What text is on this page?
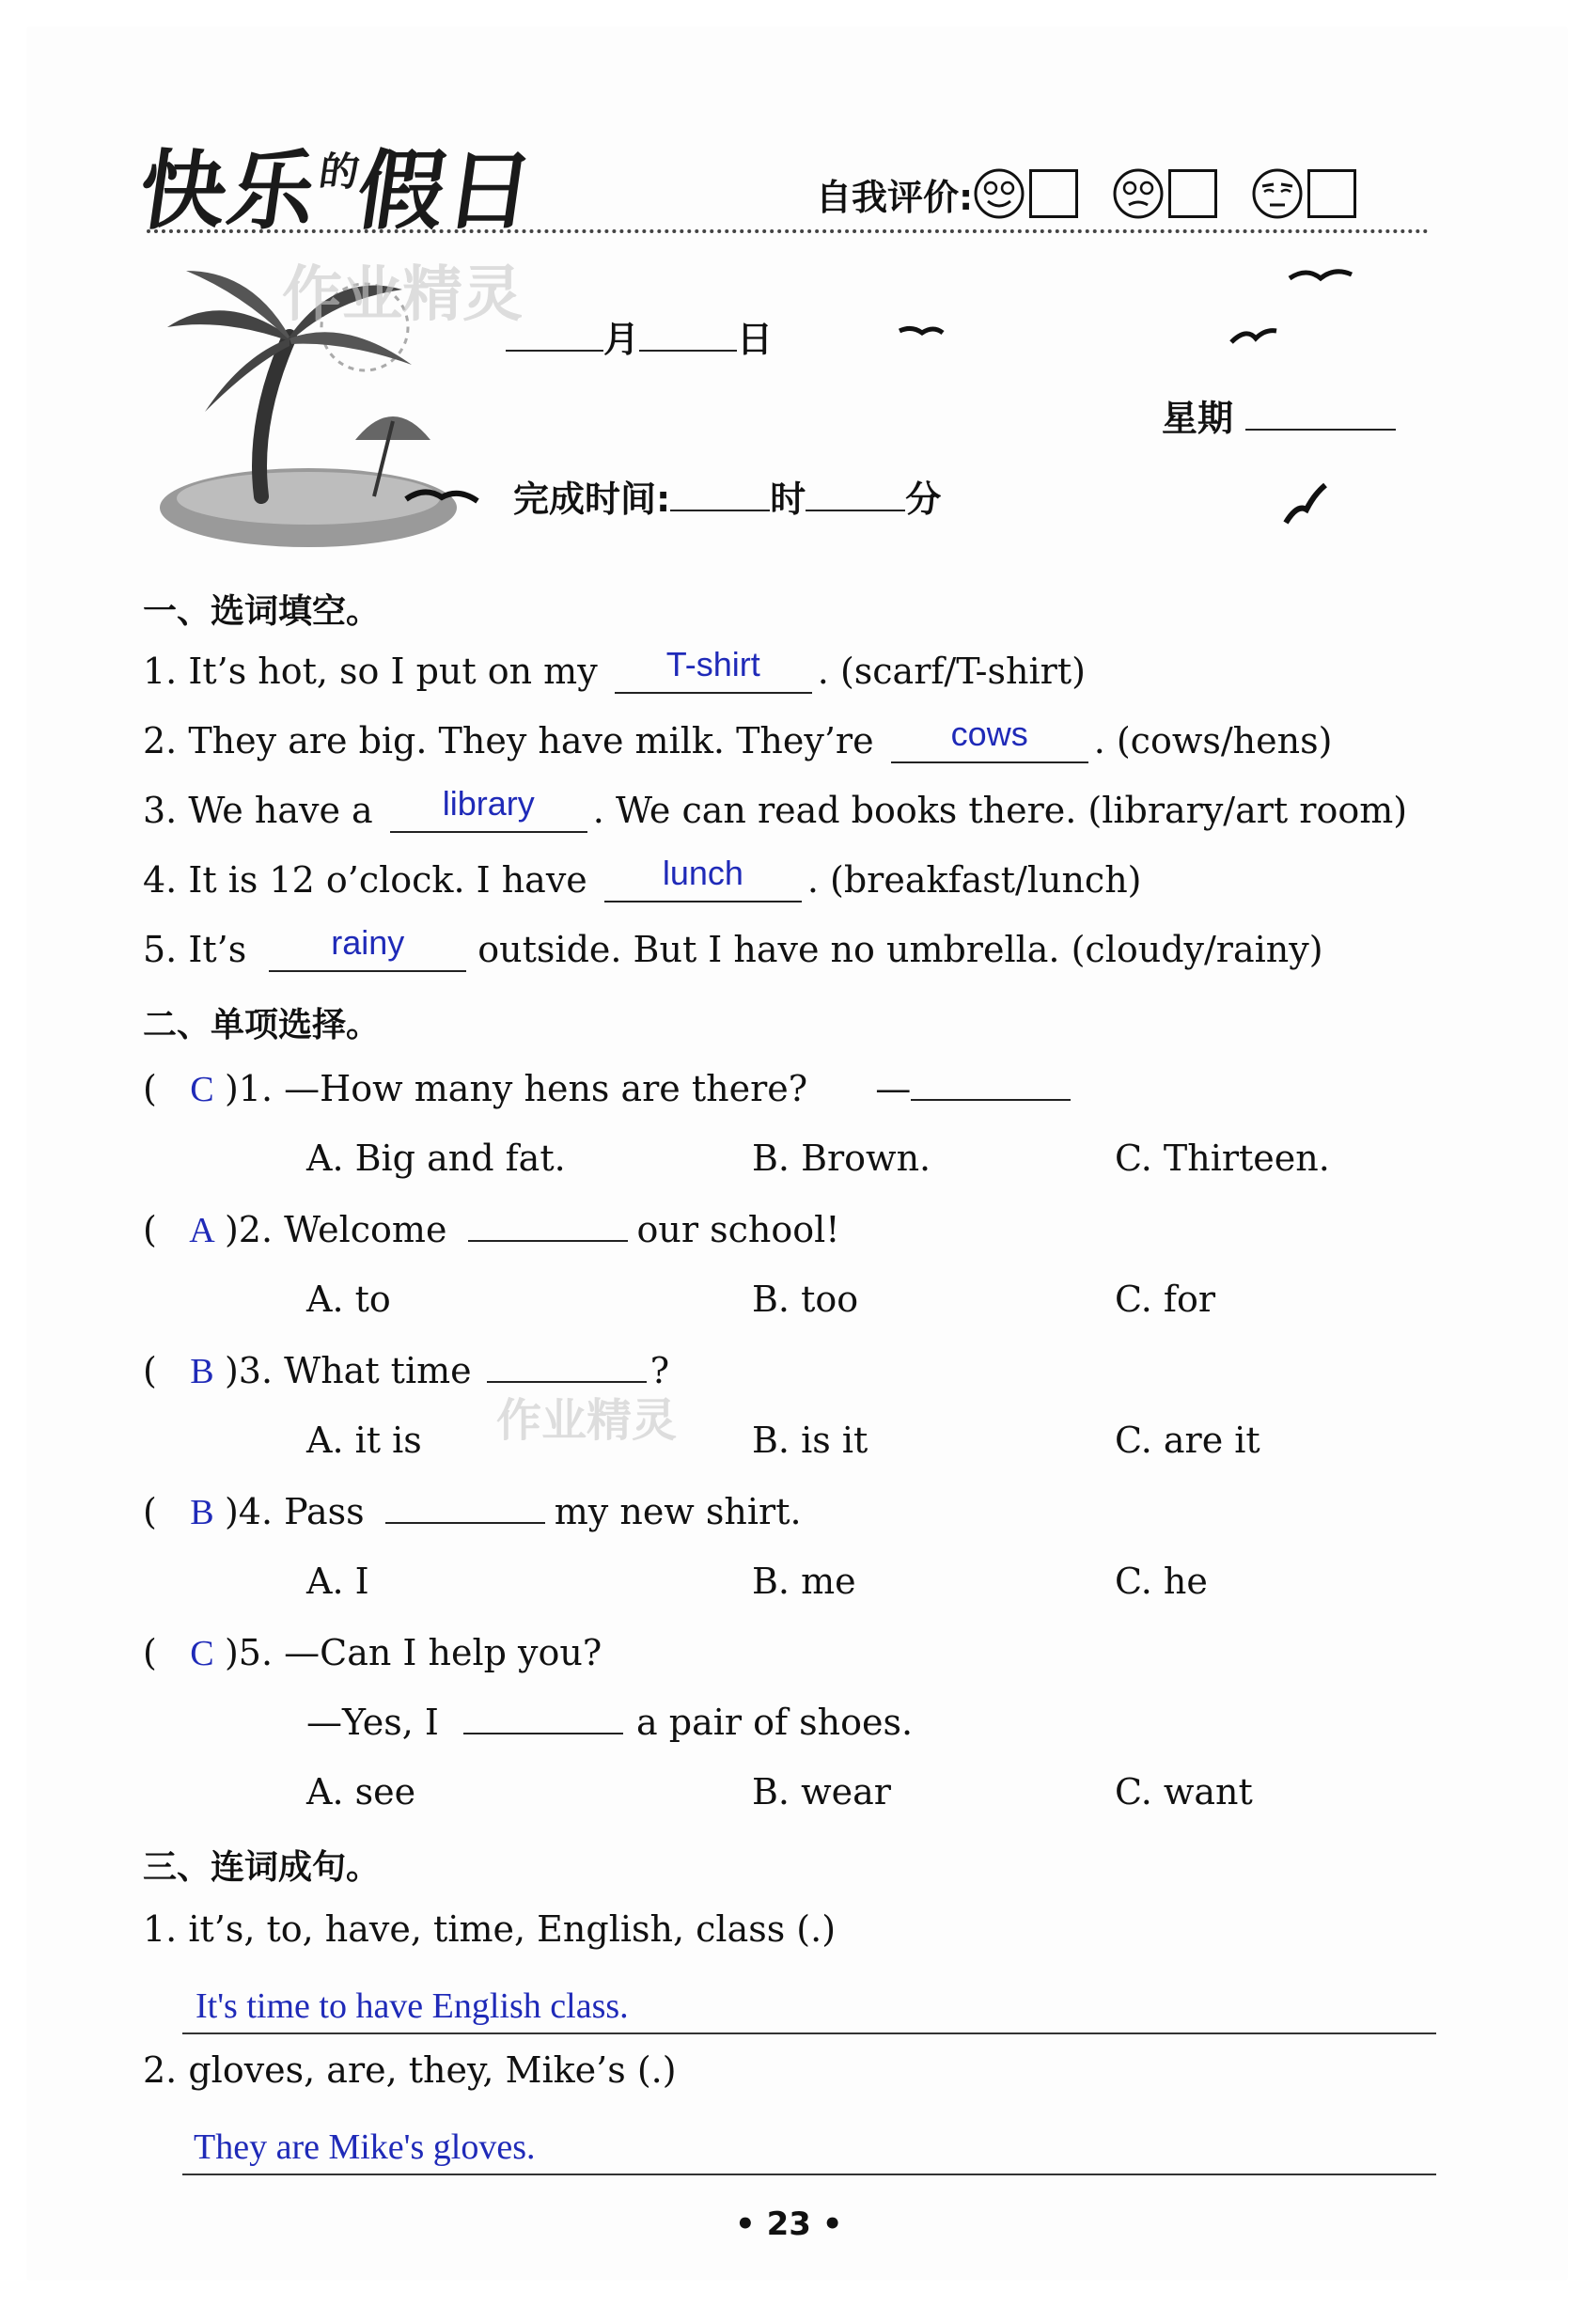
快乐$^的$假日	自我评价:
作业精灵
月	日
星期
完成时间:	时	分
一、选词填空。
1. It’s hot, so I put on my T-shirt . (scarf/T-shirt)
2. They are big. They have milk. They’re cows . (cows/hens)
3. We have a library . We can read books there. (library/art room)
4. It is 12 o’clock. I have lunch . (breakfast/lunch)
5. It’s	rainy outside. But I have no umbrella. (cloudy/rainy)
二、单项选择。
(  C )1. —How many hens are there? —
A. Big and fat.	B. Brown.	C. Thirteen.
(  A )2. Welcome	our school!
A. to	B. too	C. for
(  B )3. What time	?
作业精灵
A. it is	B. is it	C. are it
(  B )4. Pass	my new shirt.
A. I	B. me	C. he
(  C )5. —Can I help you?
—Yes, I	a pair of shoes.
A. see	B. wear	C. want
三、连词成句。
1. it’s, to, have, time, English, class (.)
It's time to have English class.
2. gloves, are, they, Mike’s (.)
They are Mike's gloves.
• 23 •
